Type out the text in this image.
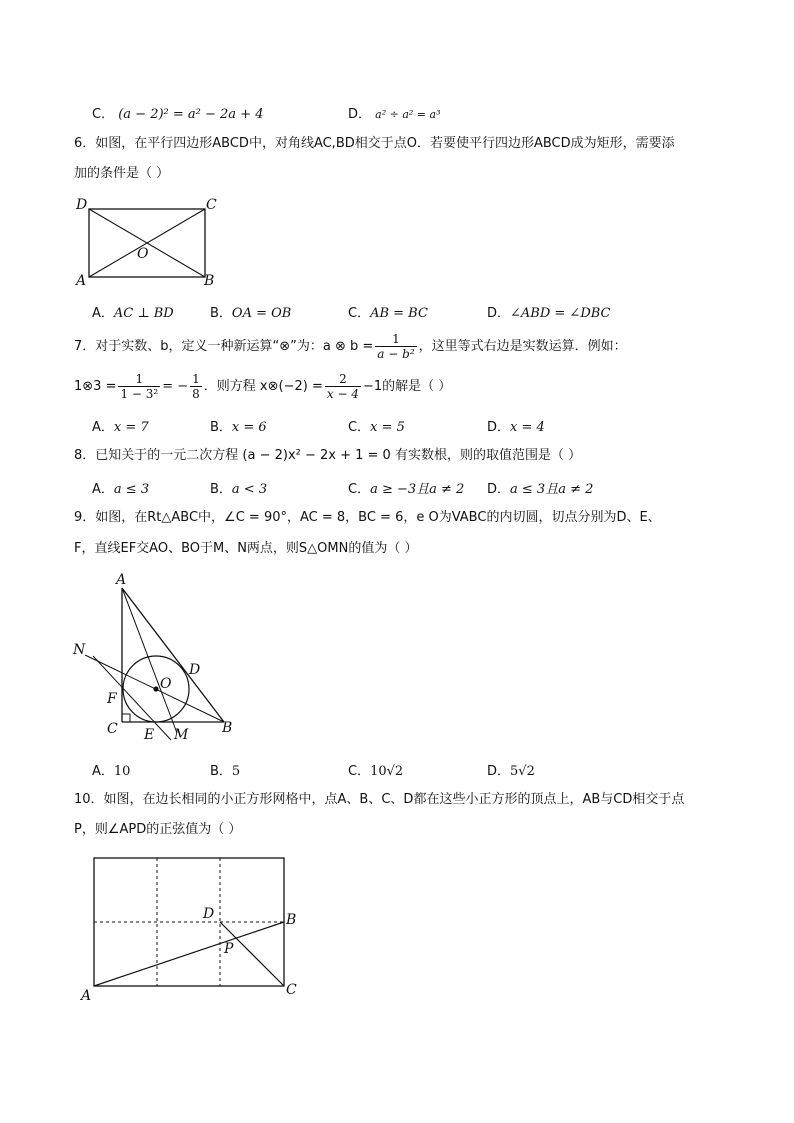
C． (a − 2)² = a² − 2a + 4	D． a² ÷ a² = a³
6．如图，在平行四边形ABCD中，对角线AC,BD相交于点O．若要使平行四边形ABCD成为矩形，需要添
加的条件是（ ）
D	C
A	B
O
A．AC ⊥ BD	B．OA = OB	C．AB = BC	D．∠ABD = ∠DBC
7．对于实数、b，定义一种新运算“⊗”为：a ⊗ $b = \frac{1}{\text{a − b²}}$ ，这里等式右边是实数运算．例如：
1⊗3 = $\frac{1}{\text{1 − 3²}}$ = − $\frac{1}{8}$ ．则方程 x⊗(−2) = $\frac{2}{x - 4} -1$的解是（ ）
A．x = 7	B．x = 6	C．x = 5	D．x = 4
8．已知关于的一元二次方程 (a − 2)x² − 2x + 1 = 0 有实数根，则的取值范围是（ ）
A．a ≤ 3	B．a < 3	C．a ≥ −3且a ≠ 2 D．a ≤ 3且a ≠ 2
9．如图，在Rt△ABC中，∠C = 90°，AC = 8，BC = 6，e O为VABC的内切圆，切点分别为D、E、
F，直线EF交AO、BO于M、N两点，则S△OMN的值为（ ）
A
B
C
D
E
F
M
N
O
A．10	B．5	C．10√2	D．5√2
10．如图，在边长相同的小正方形网格中，点A、B、C、D都在这些小正方形的顶点上，AB与CD相交于点
P，则∠APD的正弦值为（ ）
A
B
C
D
P
